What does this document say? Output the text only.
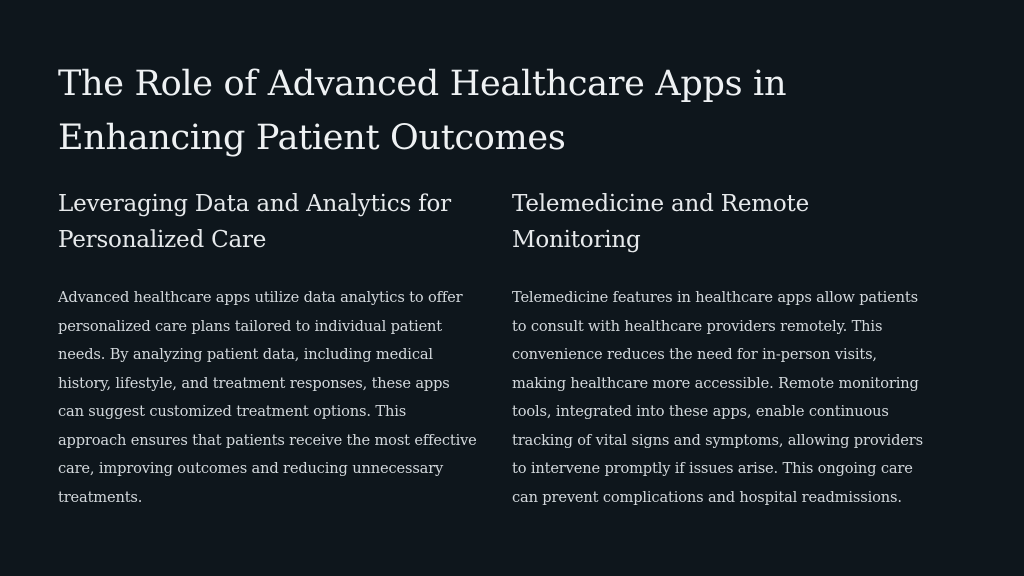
The Role of Advanced Healthcare Apps in Enhancing Patient Outcomes
Leveraging Data and Analytics for Personalized Care

Advanced healthcare apps utilize data analytics to offer personalized care plans tailored to individual patient needs. By analyzing patient data, including medical history, lifestyle, and treatment responses, these apps can suggest customized treatment options. This approach ensures that patients receive the most effective care, improving outcomes and reducing unnecessary treatments.

Telemedicine and Remote Monitoring

Telemedicine features in healthcare apps allow patients to consult with healthcare providers remotely. This convenience reduces the need for in-person visits, making healthcare more accessible. Remote monitoring tools, integrated into these apps, enable continuous tracking of vital signs and symptoms, allowing providers to intervene promptly if issues arise. This ongoing care can prevent complications and hospital readmissions.
